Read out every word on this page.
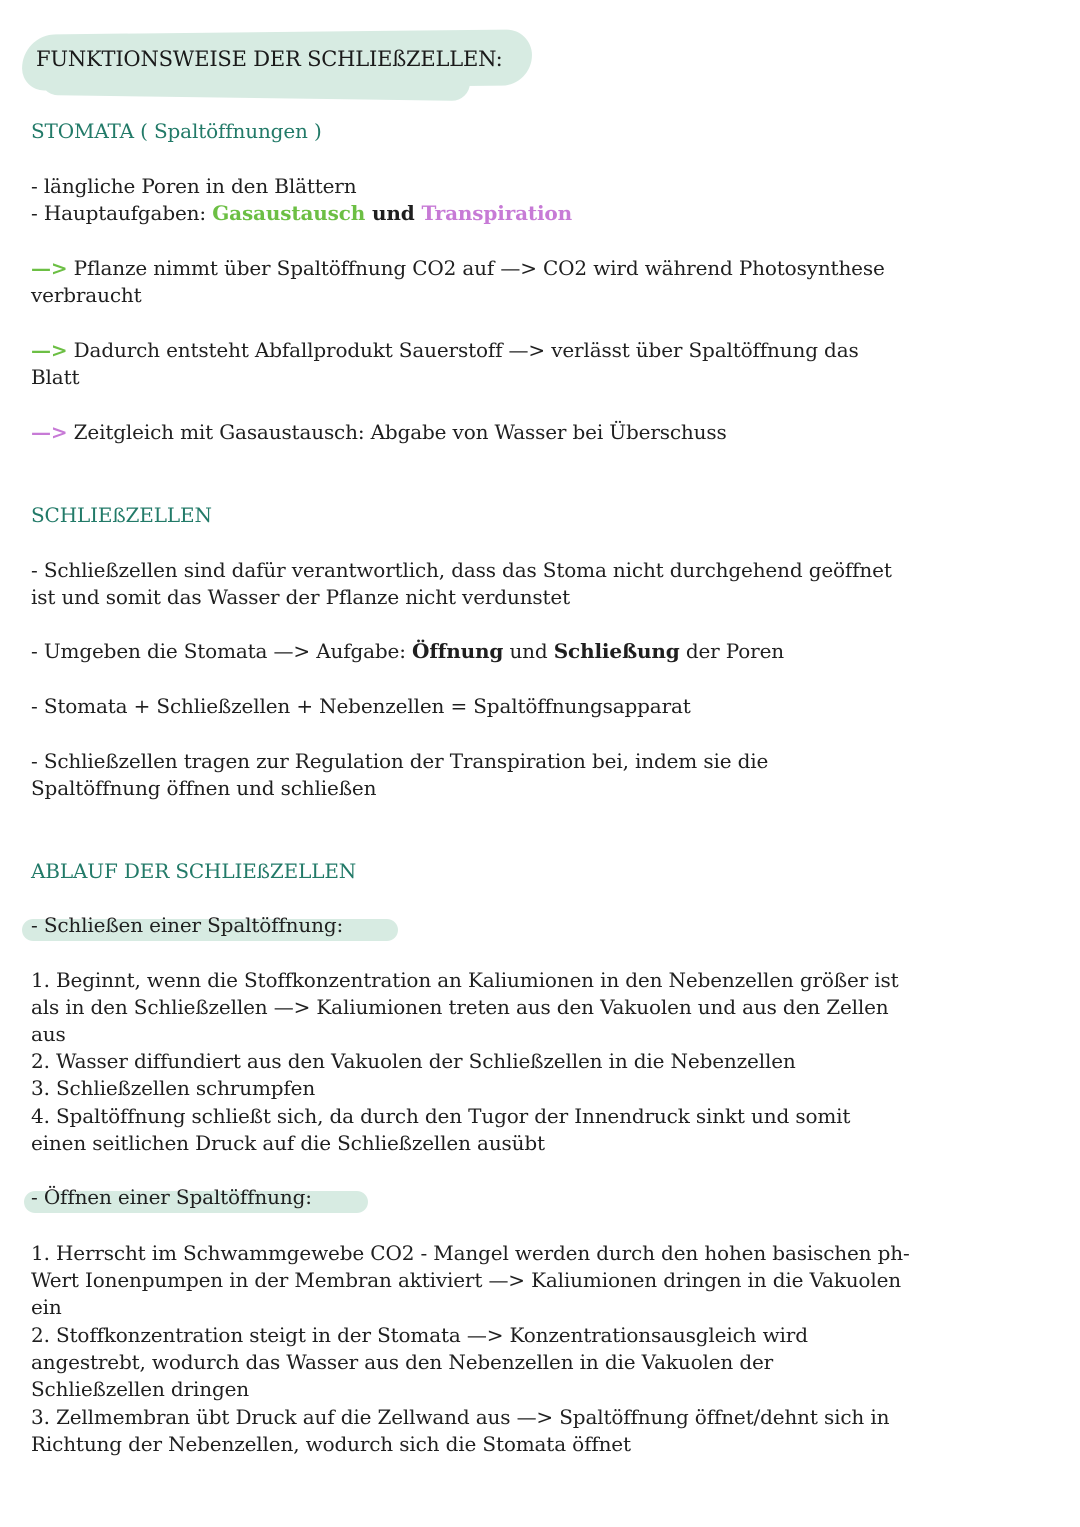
FUNKTIONSWEISE DER SCHLIEßZELLEN:
STOMATA ( Spaltöffnungen )
- längliche Poren in den Blättern
- Hauptaufgaben: Gasaustausch und Transpiration
—> Pflanze nimmt über Spaltöffnung CO2 auf —> CO2 wird während Photosynthese
verbraucht
—> Dadurch entsteht Abfallprodukt Sauerstoff —> verlässt über Spaltöffnung das
Blatt
—> Zeitgleich mit Gasaustausch: Abgabe von Wasser bei Überschuss
SCHLIEßZELLEN
- Schließzellen sind dafür verantwortlich, dass das Stoma nicht durchgehend geöffnet
ist und somit das Wasser der Pflanze nicht verdunstet
- Umgeben die Stomata —> Aufgabe: Öffnung und Schließung der Poren
- Stomata + Schließzellen + Nebenzellen = Spaltöffnungsapparat
- Schließzellen tragen zur Regulation der Transpiration bei, indem sie die
Spaltöffnung öffnen und schließen
ABLAUF DER SCHLIEßZELLEN
- Schließen einer Spaltöffnung:
1. Beginnt, wenn die Stoffkonzentration an Kaliumionen in den Nebenzellen größer ist
als in den Schließzellen —> Kaliumionen treten aus den Vakuolen und aus den Zellen
aus
2. Wasser diffundiert aus den Vakuolen der Schließzellen in die Nebenzellen
3. Schließzellen schrumpfen
4. Spaltöffnung schließt sich, da durch den Tugor der Innendruck sinkt und somit
einen seitlichen Druck auf die Schließzellen ausübt
- Öffnen einer Spaltöffnung:
1. Herrscht im Schwammgewebe CO2 - Mangel werden durch den hohen basischen ph-
Wert Ionenpumpen in der Membran aktiviert —> Kaliumionen dringen in die Vakuolen
ein
2. Stoffkonzentration steigt in der Stomata —> Konzentrationsausgleich wird
angestrebt, wodurch das Wasser aus den Nebenzellen in die Vakuolen der
Schließzellen dringen
3. Zellmembran übt Druck auf die Zellwand aus —> Spaltöffnung öffnet/dehnt sich in
Richtung der Nebenzellen, wodurch sich die Stomata öffnet
